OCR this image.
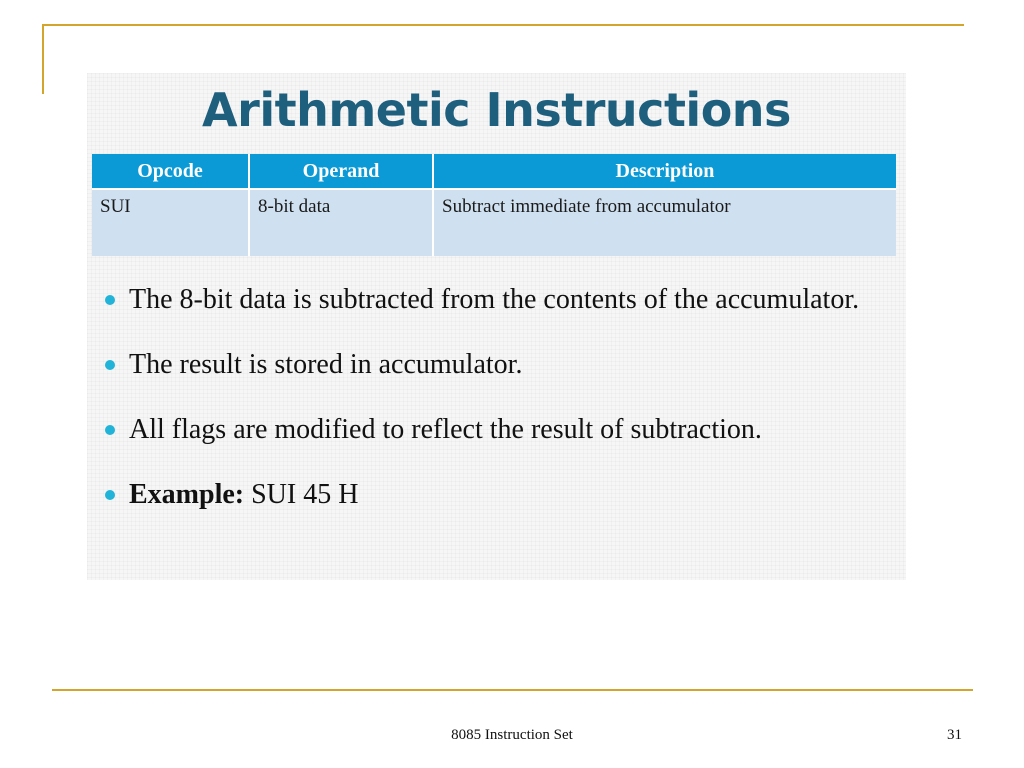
Arithmetic Instructions
Opcode	Operand	Description
SUI	8-bit data	Subtract immediate from accumulator
The 8-bit data is subtracted from the contents of the accumulator.
The result is stored in accumulator.
All flags are modified to reflect the result of subtraction.
Example: SUI 45 H
8085 Instruction Set	31
